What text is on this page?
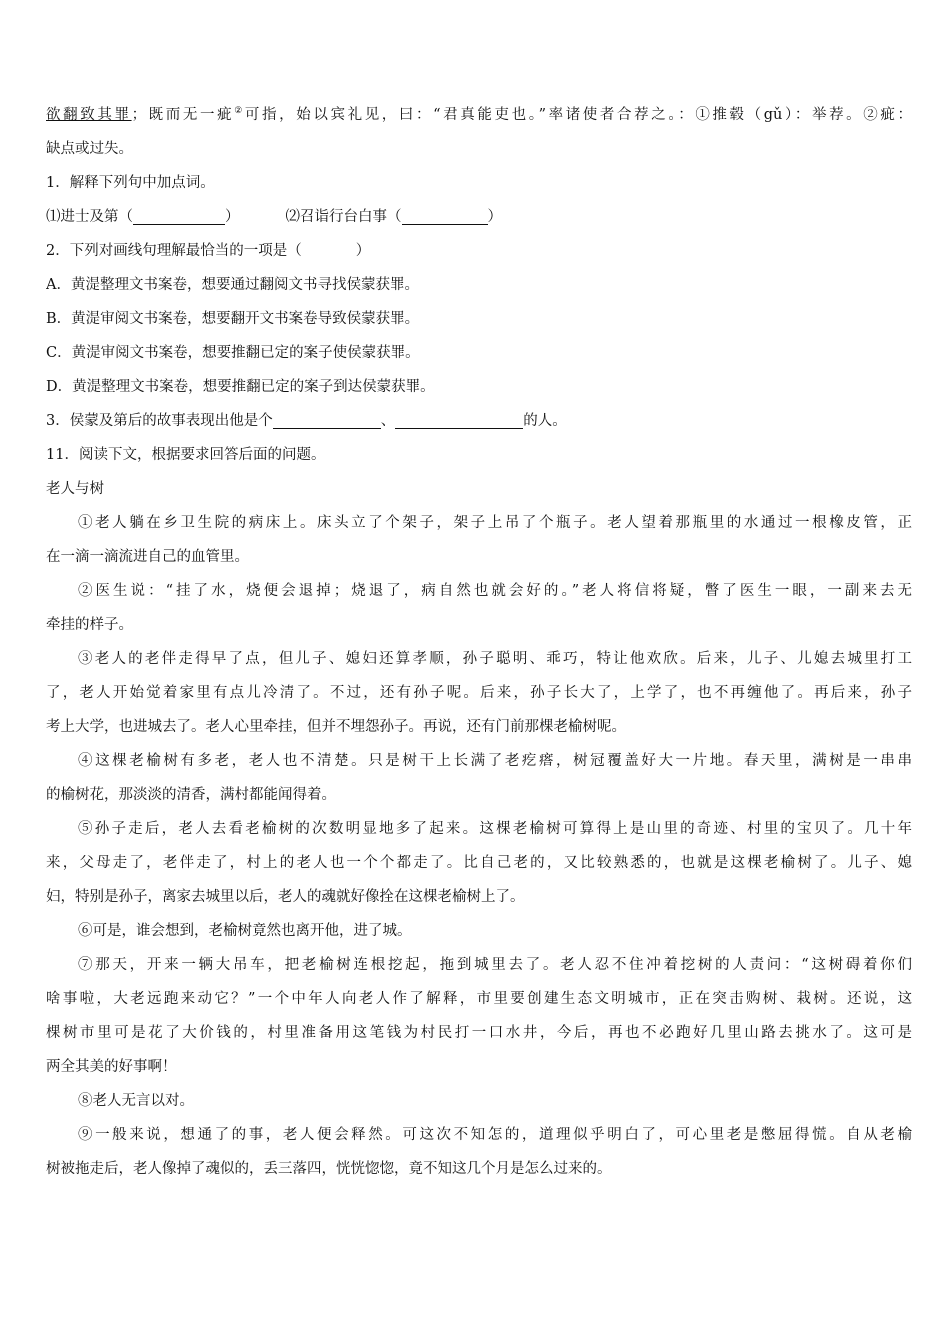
欲翻致其罪；既而无一疵②可指，始以宾礼见，曰：“君真能吏也。”率诸使者合荐之。：①推毂（gǔ）：举荐。②疵：
缺点或过失。
1．解释下列句中加点词。
⑴进士及第（	）	⑵召诣行台白事（	）
2．下列对画线句理解最恰当的一项是（	）
A．黄湜整理文书案卷，想要通过翻阅文书寻找侯蒙获罪。
B．黄湜审阅文书案卷，想要翻开文书案卷导致侯蒙获罪。
C．黄湜审阅文书案卷，想要推翻已定的案子使侯蒙获罪。
D．黄湜整理文书案卷，想要推翻已定的案子到达侯蒙获罪。
3．侯蒙及第后的故事表现出他是个	、	的人。
11．阅读下文，根据要求回答后面的问题。
老人与树
①老人躺在乡卫生院的病床上。床头立了个架子，架子上吊了个瓶子。老人望着那瓶里的水通过一根橡皮管，正
在一滴一滴流进自己的血管里。
②医生说：“挂了水，烧便会退掉；烧退了，病自然也就会好的。”老人将信将疑，瞥了医生一眼，一副来去无
牵挂的样子。
③老人的老伴走得早了点，但儿子、媳妇还算孝顺，孙子聪明、乖巧，特让他欢欣。后来，儿子、儿媳去城里打工
了，老人开始觉着家里有点儿冷清了。不过，还有孙子呢。后来，孙子长大了，上学了，也不再缠他了。再后来，孙子
考上大学，也进城去了。老人心里牵挂，但并不埋怨孙子。再说，还有门前那棵老榆树呢。
④这棵老榆树有多老，老人也不清楚。只是树干上长满了老疙瘩，树冠覆盖好大一片地。春天里，满树是一串串
的榆树花，那淡淡的清香，满村都能闻得着。
⑤孙子走后，老人去看老榆树的次数明显地多了起来。这棵老榆树可算得上是山里的奇迹、村里的宝贝了。几十年
来，父母走了，老伴走了，村上的老人也一个个都走了。比自己老的，又比较熟悉的，也就是这棵老榆树了。儿子、媳
妇，特别是孙子，离家去城里以后，老人的魂就好像拴在这棵老榆树上了。
⑥可是，谁会想到，老榆树竟然也离开他，进了城。
⑦那天，开来一辆大吊车，把老榆树连根挖起，拖到城里去了。老人忍不住冲着挖树的人责问：“这树碍着你们
啥事啦，大老远跑来动它？”一个中年人向老人作了解释，市里要创建生态文明城市，正在突击购树、栽树。还说，这
棵树市里可是花了大价钱的，村里准备用这笔钱为村民打一口水井，今后，再也不必跑好几里山路去挑水了。这可是
两全其美的好事啊！
⑧老人无言以对。
⑨一般来说，想通了的事，老人便会释然。可这次不知怎的，道理似乎明白了，可心里老是憋屈得慌。自从老榆
树被拖走后，老人像掉了魂似的，丢三落四，恍恍惚惚，竟不知这几个月是怎么过来的。
